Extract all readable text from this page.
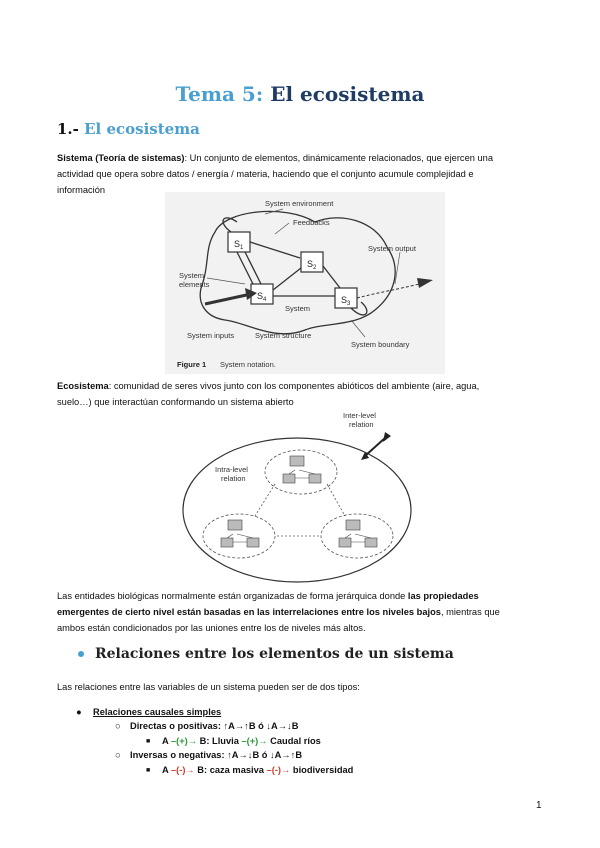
Tema 5: El ecosistema
1.- El ecosistema
Sistema (Teoría de sistemas): Un conjunto de elementos, dinámicamente relacionados, que ejercen una
actividad que opera sobre datos / energía / materia, haciendo que el conjunto acumule complejidad e
información
$S_1$
$S_2$
$S_4$	$S_3$
System environment
Feedbacks
System output
System
elements
System
System inputs	System structure
System boundary
Figure 1 System notation.
Ecosistema: comunidad de seres vivos junto con los componentes abióticos del ambiente (aire, agua,
suelo…) que interactúan conformando un sistema abierto
Inter-level
relation
Intra-level
relation
Las entidades biológicas normalmente están organizadas de forma jerárquica donde las propiedades
emergentes de cierto nivel están basadas en las interrelaciones entre los niveles bajos, mientras que
ambos están condicionados por las uniones entre los de niveles más altos.
Relaciones entre los elementos de un sistema
Las relaciones entre las variables de un sistema pueden ser de dos tipos:
● Relaciones causales simples
○ Directas o positivas: ↑A→↑B ó ↓A→↓B
■ A –(+)→ B: Lluvia –(+)→ Caudal ríos
○ Inversas o negativas: ↑A→↓B ó ↓A→↑B
■ A –(-)→ B: caza masiva –(-)→ biodiversidad
1
